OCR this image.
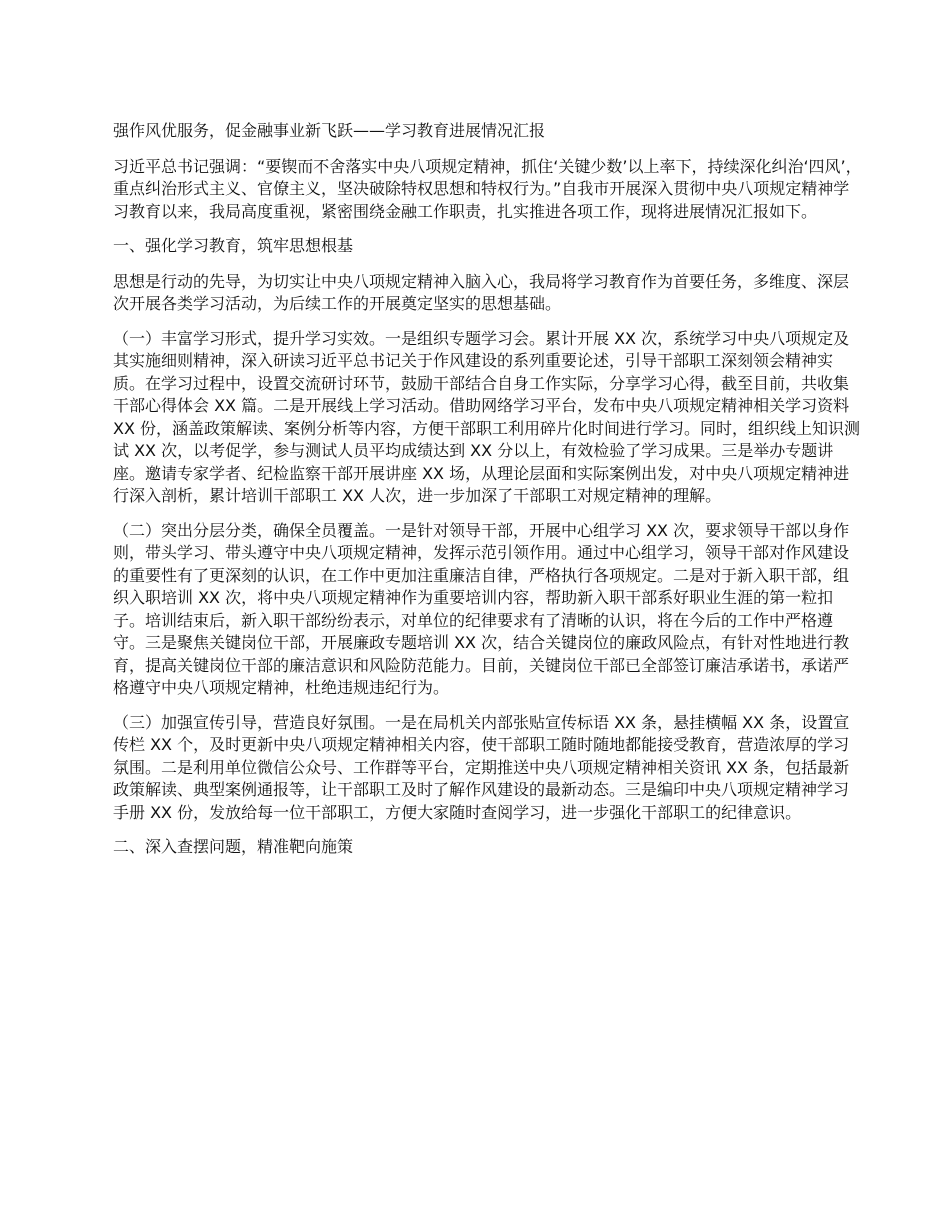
强作风优服务，促金融事业新飞跃——学习教育进展情况汇报

习近平总书记强调：“要锲而不舍落实中央八项规定精神，抓住‘关键少数’以上率下，持续深化纠治‘四风’，重点纠治形式主义、官僚主义，坚决破除特权思想和特权行为。”自我市开展深入贯彻中央八项规定精神学习教育以来，我局高度重视，紧密围绕金融工作职责，扎实推进各项工作，现将进展情况汇报如下。

一、强化学习教育，筑牢思想根基

思想是行动的先导，为切实让中央八项规定精神入脑入心，我局将学习教育作为首要任务，多维度、深层次开展各类学习活动，为后续工作的开展奠定坚实的思想基础。

（一）丰富学习形式，提升学习实效。一是组织专题学习会。累计开展 XX 次，系统学习中央八项规定及其实施细则精神，深入研读习近平总书记关于作风建设的系列重要论述，引导干部职工深刻领会精神实质。在学习过程中，设置交流研讨环节，鼓励干部结合自身工作实际，分享学习心得，截至目前，共收集干部心得体会 XX 篇。二是开展线上学习活动。借助网络学习平台，发布中央八项规定精神相关学习资料 XX 份，涵盖政策解读、案例分析等内容，方便干部职工利用碎片化时间进行学习。同时，组织线上知识测试 XX 次，以考促学，参与测试人员平均成绩达到 XX 分以上，有效检验了学习成果。三是举办专题讲座。邀请专家学者、纪检监察干部开展讲座 XX 场，从理论层面和实际案例出发，对中央八项规定精神进行深入剖析，累计培训干部职工 XX 人次，进一步加深了干部职工对规定精神的理解。

（二）突出分层分类，确保全员覆盖。一是针对领导干部，开展中心组学习 XX 次，要求领导干部以身作则，带头学习、带头遵守中央八项规定精神，发挥示范引领作用。通过中心组学习，领导干部对作风建设的重要性有了更深刻的认识，在工作中更加注重廉洁自律，严格执行各项规定。二是对于新入职干部，组织入职培训 XX 次，将中央八项规定精神作为重要培训内容，帮助新入职干部系好职业生涯的第一粒扣子。培训结束后，新入职干部纷纷表示，对单位的纪律要求有了清晰的认识，将在今后的工作中严格遵守。三是聚焦关键岗位干部，开展廉政专题培训 XX 次，结合关键岗位的廉政风险点，有针对性地进行教育，提高关键岗位干部的廉洁意识和风险防范能力。目前，关键岗位干部已全部签订廉洁承诺书，承诺严格遵守中央八项规定精神，杜绝违规违纪行为。

（三）加强宣传引导，营造良好氛围。一是在局机关内部张贴宣传标语 XX 条，悬挂横幅 XX 条，设置宣传栏 XX 个，及时更新中央八项规定精神相关内容，使干部职工随时随地都能接受教育，营造浓厚的学习氛围。二是利用单位微信公众号、工作群等平台，定期推送中央八项规定精神相关资讯 XX 条，包括最新政策解读、典型案例通报等，让干部职工及时了解作风建设的最新动态。三是编印中央八项规定精神学习手册 XX 份，发放给每一位干部职工，方便大家随时查阅学习，进一步强化干部职工的纪律意识。

二、深入查摆问题，精准靶向施策
